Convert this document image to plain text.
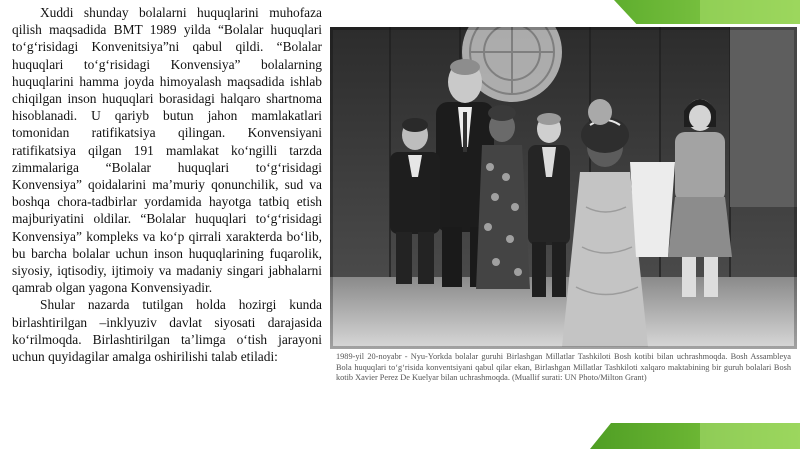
Xuddi shunday bolalarni huquqlarini muhofaza qilish maqsadida BMT 1989 yilda “Bolalar huquqlari to‘g‘risidagi Konvenitsiya”ni qabul qildi. “Bolalar huquqlari to‘g‘risidagi Konvensiya” bolalarning huquqlarini hamma joyda himoyalash maqsadida ishlab chiqilgan inson huquqlari borasidagi halqaro shartnoma hisoblanadi. U qariyb butun jahon mamlakatlari tomonidan ratifikatsiya qilingan. Konvensiyani ratifikatsiya qilgan 191 mamlakat ko‘ngilli tarzda zimmalariga “Bolalar huquqlari to‘g‘risidagi Konvensiya” qoidalarini ma’muriy qonunchilik, sud va boshqa chora-tadbirlar yordamida hayotga tatbiq etish majburiyatini oldilar. “Bolalar huquqlari to‘g‘risidagi Konvensiya” kompleks va ko‘p qirrali xarakterda bo‘lib, bu barcha bolalar uchun inson huquqlarining fuqarolik, siyosiy, iqtisodiy, ijtimoiy va madaniy singari jabhalarni qamrab olgan yagona Konvensiyadir.

Shular nazarda tutilgan holda hozirgi kunda birlashtirilgan –inklyuziv davlat siyosati darajasida ko‘rilmoqda. Birlashtirilgan ta’limga o‘tish jarayoni uchun quyidagilar amalga oshirilishi talab etiladi:	1989-yil 20-noyabr - Nyu-Yorkda bolalar guruhi Birlashgan Millatlar Tashkiloti Bosh kotibi bilan uchrashmoqda. Bosh Assambleya Bola huquqlari to‘g‘risida konventsiyani qabul qilar ekan, Birlashgan Millatlar Tashkiloti xalqaro maktabining bir guruh bolalari Bosh kotib Xavier Perez De Kuelyar bilan uchrashmoqda. (Muallif surati: UN Photo/Milton Grant)
